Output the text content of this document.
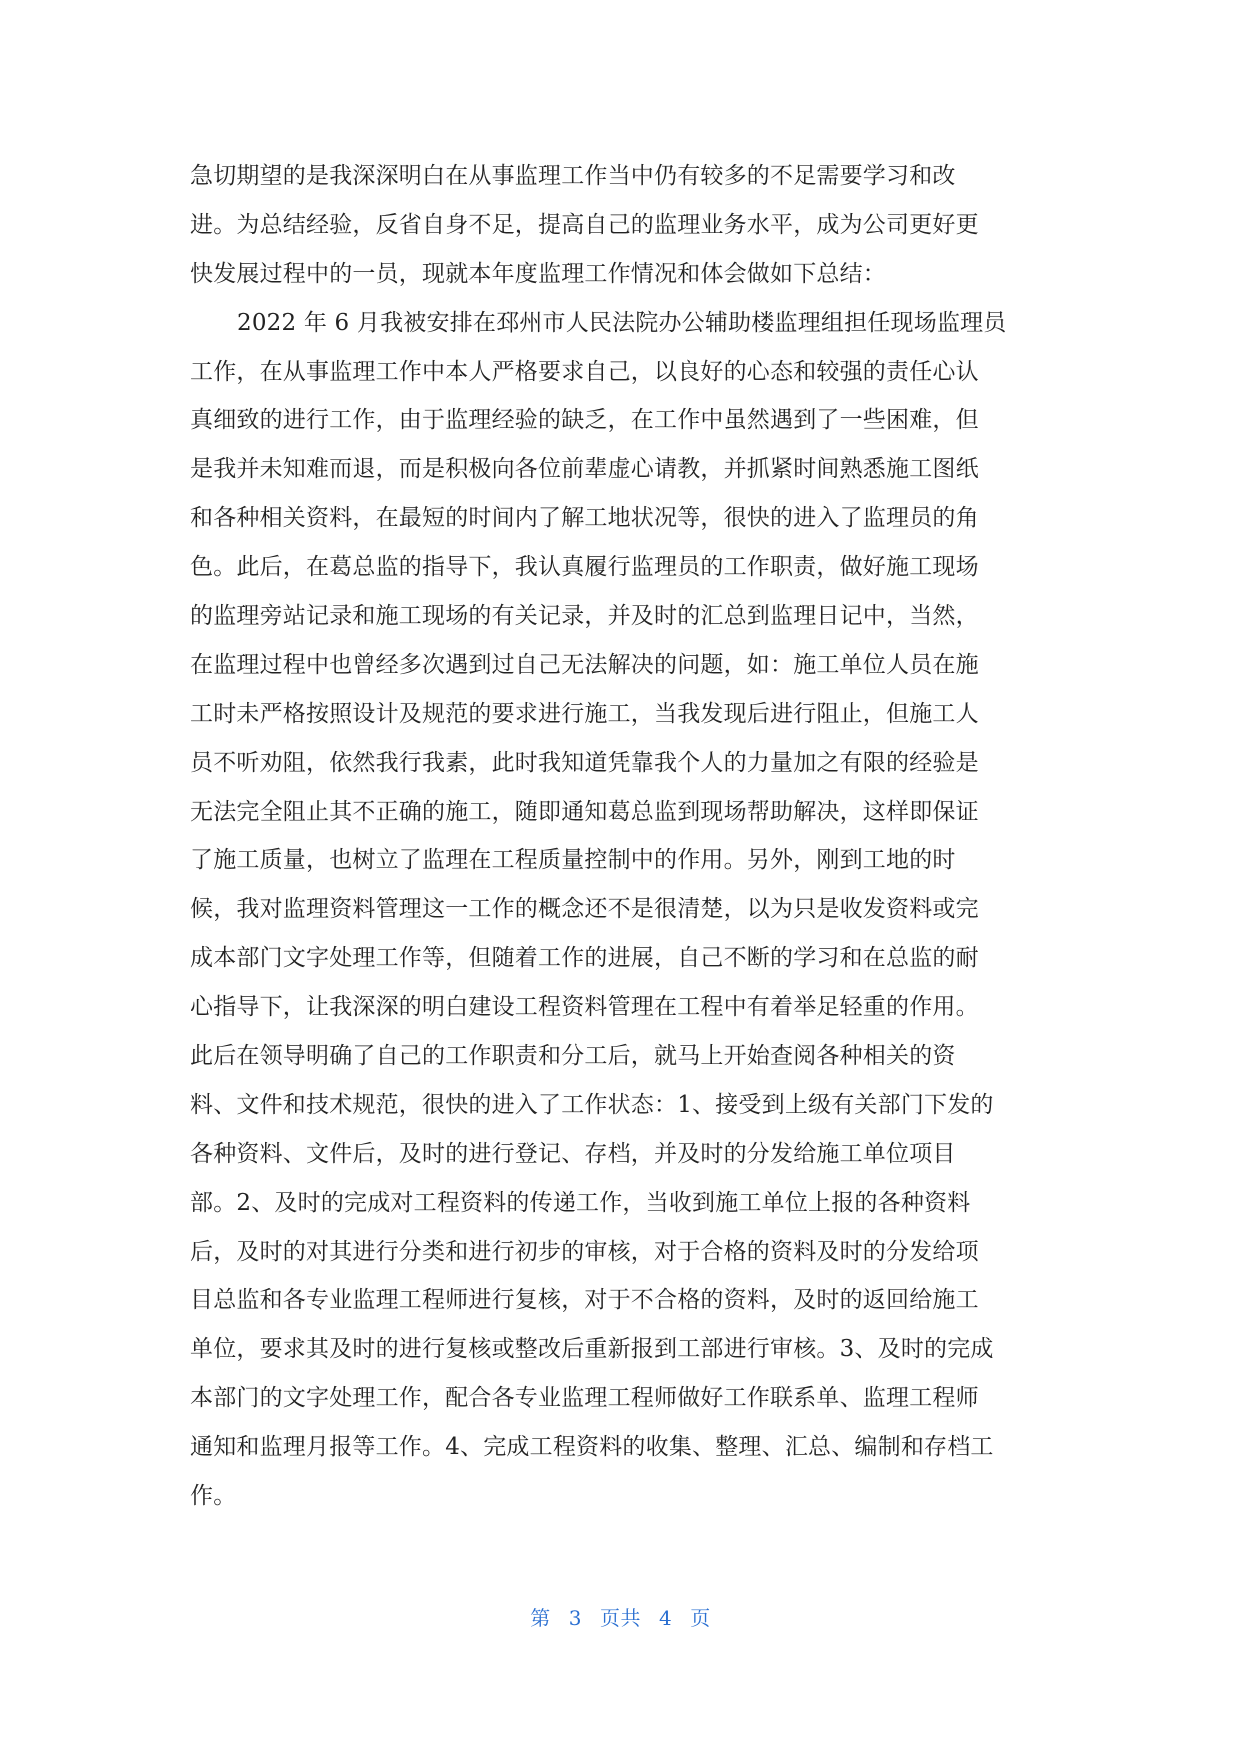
急切期望的是我深深明白在从事监理工作当中仍有较多的不足需要学习和改
进。为总结经验，反省自身不足，提高自己的监理业务水平，成为公司更好更
快发展过程中的一员，现就本年度监理工作情况和体会做如下总结：
2022 年 6 月我被安排在邳州市人民法院办公辅助楼监理组担任现场监理员
工作，在从事监理工作中本人严格要求自己，以良好的心态和较强的责任心认
真细致的进行工作，由于监理经验的缺乏，在工作中虽然遇到了一些困难，但
是我并未知难而退，而是积极向各位前辈虚心请教，并抓紧时间熟悉施工图纸
和各种相关资料，在最短的时间内了解工地状况等，很快的进入了监理员的角
色。此后，在葛总监的指导下，我认真履行监理员的工作职责，做好施工现场
的监理旁站记录和施工现场的有关记录，并及时的汇总到监理日记中，当然，
在监理过程中也曾经多次遇到过自己无法解决的问题，如：施工单位人员在施
工时未严格按照设计及规范的要求进行施工，当我发现后进行阻止，但施工人
员不听劝阻，依然我行我素，此时我知道凭靠我个人的力量加之有限的经验是
无法完全阻止其不正确的施工，随即通知葛总监到现场帮助解决，这样即保证
了施工质量，也树立了监理在工程质量控制中的作用。另外，刚到工地的时
候，我对监理资料管理这一工作的概念还不是很清楚，以为只是收发资料或完
成本部门文字处理工作等，但随着工作的进展，自己不断的学习和在总监的耐
心指导下，让我深深的明白建设工程资料管理在工程中有着举足轻重的作用。
此后在领导明确了自己的工作职责和分工后，就马上开始查阅各种相关的资
料、文件和技术规范，很快的进入了工作状态：1、接受到上级有关部门下发的
各种资料、文件后，及时的进行登记、存档，并及时的分发给施工单位项目
部。2、及时的完成对工程资料的传递工作，当收到施工单位上报的各种资料
后，及时的对其进行分类和进行初步的审核，对于合格的资料及时的分发给项
目总监和各专业监理工程师进行复核，对于不合格的资料，及时的返回给施工
单位，要求其及时的进行复核或整改后重新报到工部进行审核。3、及时的完成
本部门的文字处理工作，配合各专业监理工程师做好工作联系单、监理工程师
通知和监理月报等工作。4、完成工程资料的收集、整理、汇总、编制和存档工
作。
第 3 页共 4 页
